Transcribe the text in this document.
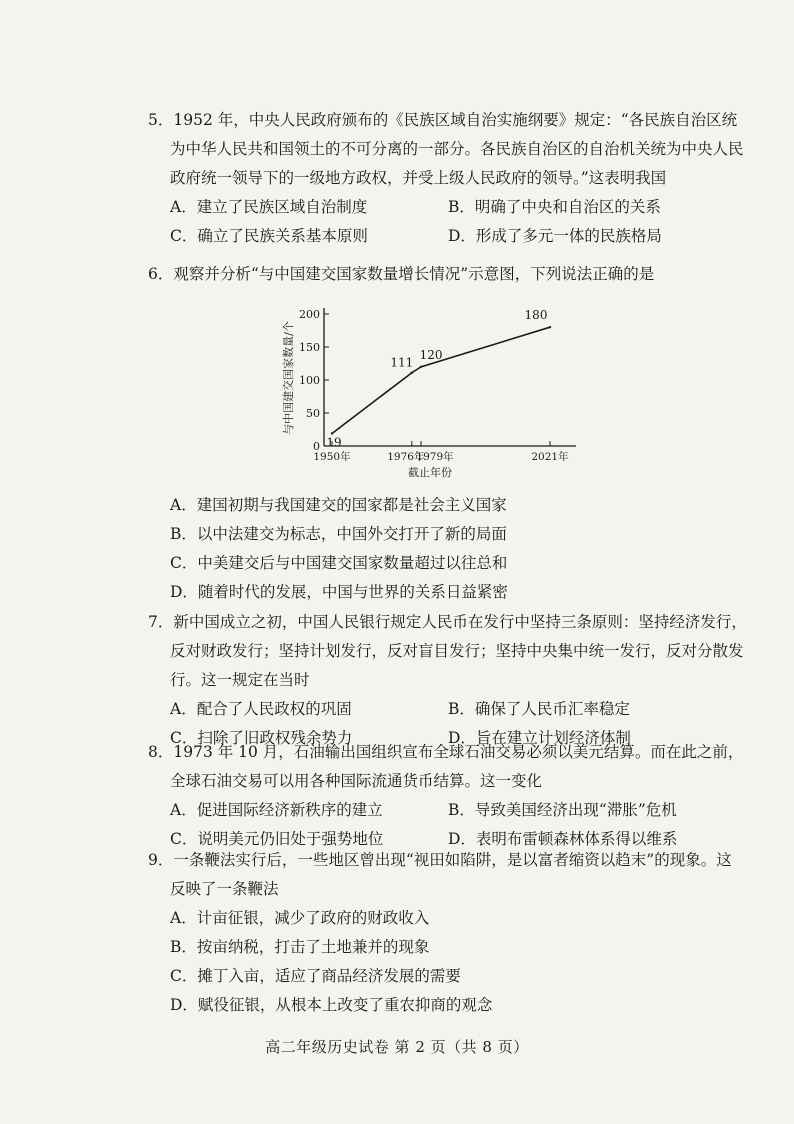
5．1952 年，中央人民政府颁布的《民族区域自治实施纲要》规定：“各民族自治区统
为中华人民共和国领土的不可分离的一部分。各民族自治区的自治机关统为中央人民
政府统一领导下的一级地方政权，并受上级人民政府的领导。”这表明我国
A．建立了民族区域自治制度	B．明确了中央和自治区的关系
C．确立了民族关系基本原则	D．形成了多元一体的民族格局
6．观察并分析“与中国建交国家数量增长情况”示意图，下列说法正确的是
0
50
100
150
200
1950年	1976年
1979年	2021年
与中国建交国家数量/个
截止年份
19
111
120
180
A．建国初期与我国建交的国家都是社会主义国家
B．以中法建交为标志，中国外交打开了新的局面
C．中美建交后与中国建交国家数量超过以往总和
D．随着时代的发展，中国与世界的关系日益紧密
7．新中国成立之初，中国人民银行规定人民币在发行中坚持三条原则：坚持经济发行，
反对财政发行；坚持计划发行，反对盲目发行；坚持中央集中统一发行，反对分散发
行。这一规定在当时
A．配合了人民政权的巩固	B．确保了人民币汇率稳定
C．扫除了旧政权残余势力	D．旨在建立计划经济体制
8．1973 年 10 月，石油输出国组织宣布全球石油交易必须以美元结算。而在此之前，
全球石油交易可以用各种国际流通货币结算。这一变化
A．促进国际经济新秩序的建立	B．导致美国经济出现“滞胀”危机
C．说明美元仍旧处于强势地位	D．表明布雷顿森林体系得以维系
9．一条鞭法实行后，一些地区曾出现“视田如陷阱，是以富者缩资以趋末”的现象。这
反映了一条鞭法
A．计亩征银，减少了政府的财政收入
B．按亩纳税，打击了土地兼并的现象
C．摊丁入亩，适应了商品经济发展的需要
D．赋役征银，从根本上改变了重农抑商的观念
高二年级历史试卷 第 2 页（共 8 页）
